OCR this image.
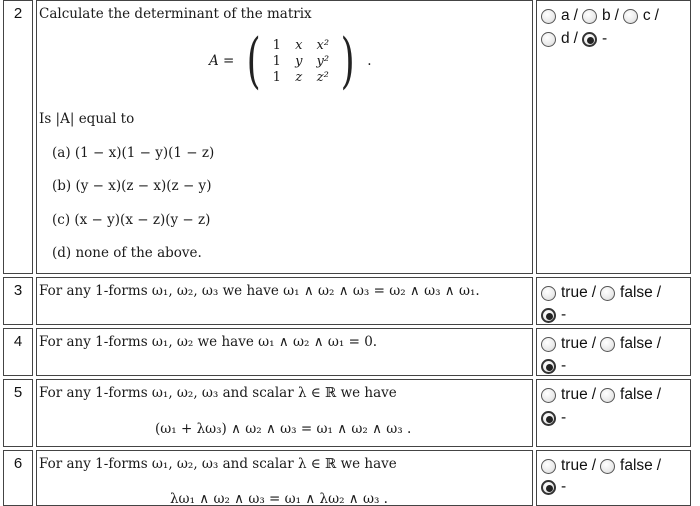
2	Calculate the determinant of the matrix
A = ( 1	x	x²
1	y	y²
1	z	z² ) .
Is |A| equal to
(a) (1 − x)(1 − y)(1 − z)
(b) (y − x)(z − x)(z − y)
(c) (x − y)(x − z)(y − z)
(d) none of the above.
a / b / c /
d / -
3	For any 1-forms ω₁, ω₂, ω₃ we have ω₁ ∧ ω₂ ∧ ω₃ = ω₂ ∧ ω₃ ∧ ω₁.	true / false /
-
4	For any 1-forms ω₁, ω₂ we have ω₁ ∧ ω₂ ∧ ω₁ = 0.	true / false /
-
5	For any 1-forms ω₁, ω₂, ω₃ and scalar λ ∈ ℝ we have
(ω₁ + λω₃) ∧ ω₂ ∧ ω₃ = ω₁ ∧ ω₂ ∧ ω₃ .
true / false /
-
6	For any 1-forms ω₁, ω₂, ω₃ and scalar λ ∈ ℝ we have
λω₁ ∧ ω₂ ∧ ω₃ = ω₁ ∧ λω₂ ∧ ω₃ .
true / false /
-
